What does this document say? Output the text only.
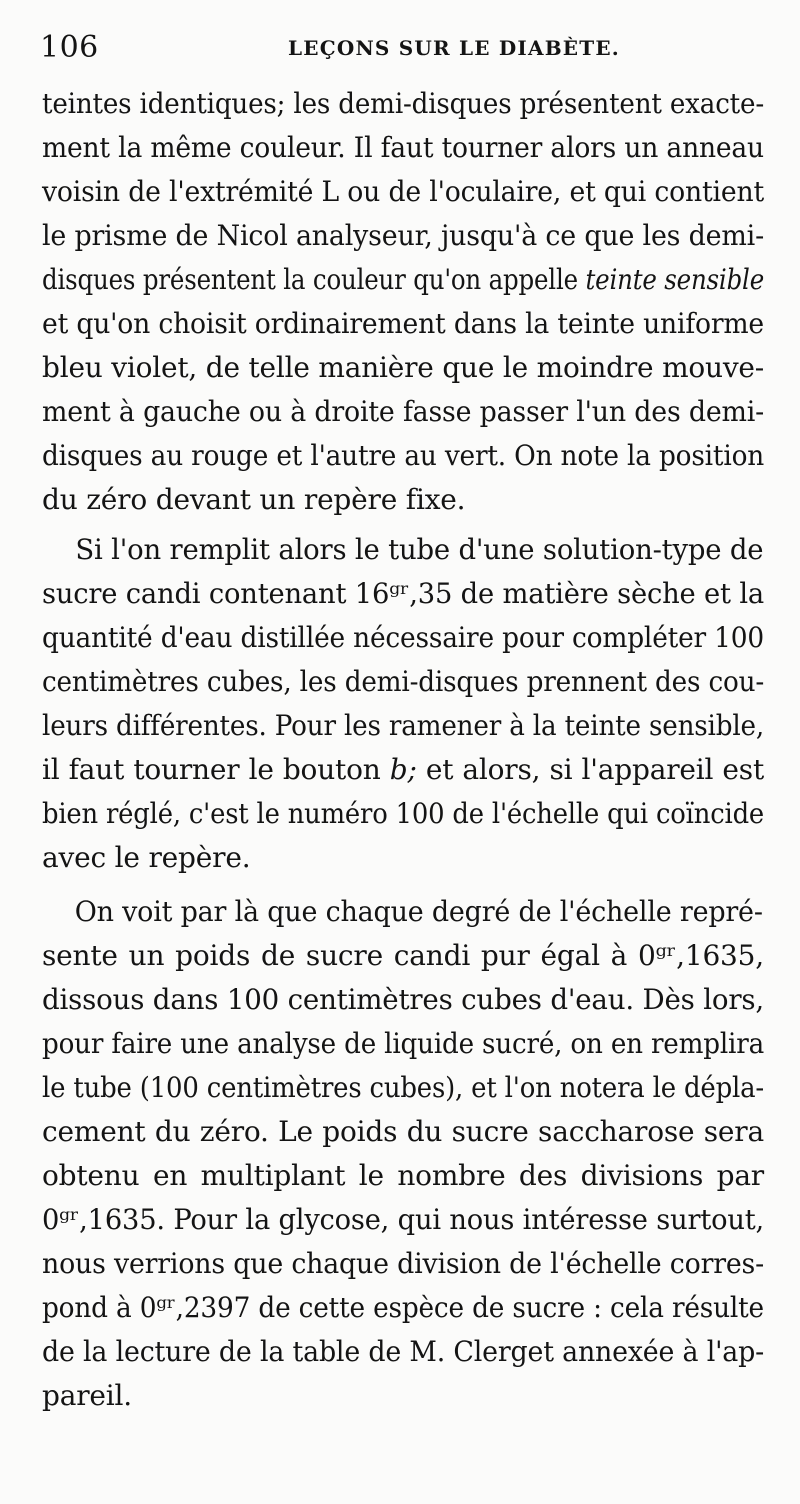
106	LEÇONS SUR LE DIABÈTE.
teintes identiques; les demi-disques présentent exacte-
ment la même couleur. Il faut tourner alors un anneau
voisin de l'extrémité L ou de l'oculaire, et qui contient
le prisme de Nicol analyseur, jusqu'à ce que les demi-
disques présentent la couleur qu'on appelle teinte sensible
et qu'on choisit ordinairement dans la teinte uniforme
bleu violet, de telle manière que le moindre mouve-
ment à gauche ou à droite fasse passer l'un des demi-
disques au rouge et l'autre au vert. On note la position
du zéro devant un repère fixe.
Si l'on remplit alors le tube d'une solution-type de
sucre candi contenant 16ᵍʳ,35 de matière sèche et la
quantité d'eau distillée nécessaire pour compléter 100
centimètres cubes, les demi-disques prennent des cou-
leurs différentes. Pour les ramener à la teinte sensible,
il faut tourner le bouton b; et alors, si l'appareil est
bien réglé, c'est le numéro 100 de l'échelle qui coïncide
avec le repère.
On voit par là que chaque degré de l'échelle repré-
sente un poids de sucre candi pur égal à 0ᵍʳ,1635,
dissous dans 100 centimètres cubes d'eau. Dès lors,
pour faire une analyse de liquide sucré, on en remplira
le tube (100 centimètres cubes), et l'on notera le dépla-
cement du zéro. Le poids du sucre saccharose sera
obtenu en multiplant le nombre des divisions par
0ᵍʳ,1635. Pour la glycose, qui nous intéresse surtout,
nous verrions que chaque division de l'échelle corres-
pond à 0ᵍʳ,2397 de cette espèce de sucre : cela résulte
de la lecture de la table de M. Clerget annexée à l'ap-
pareil.
